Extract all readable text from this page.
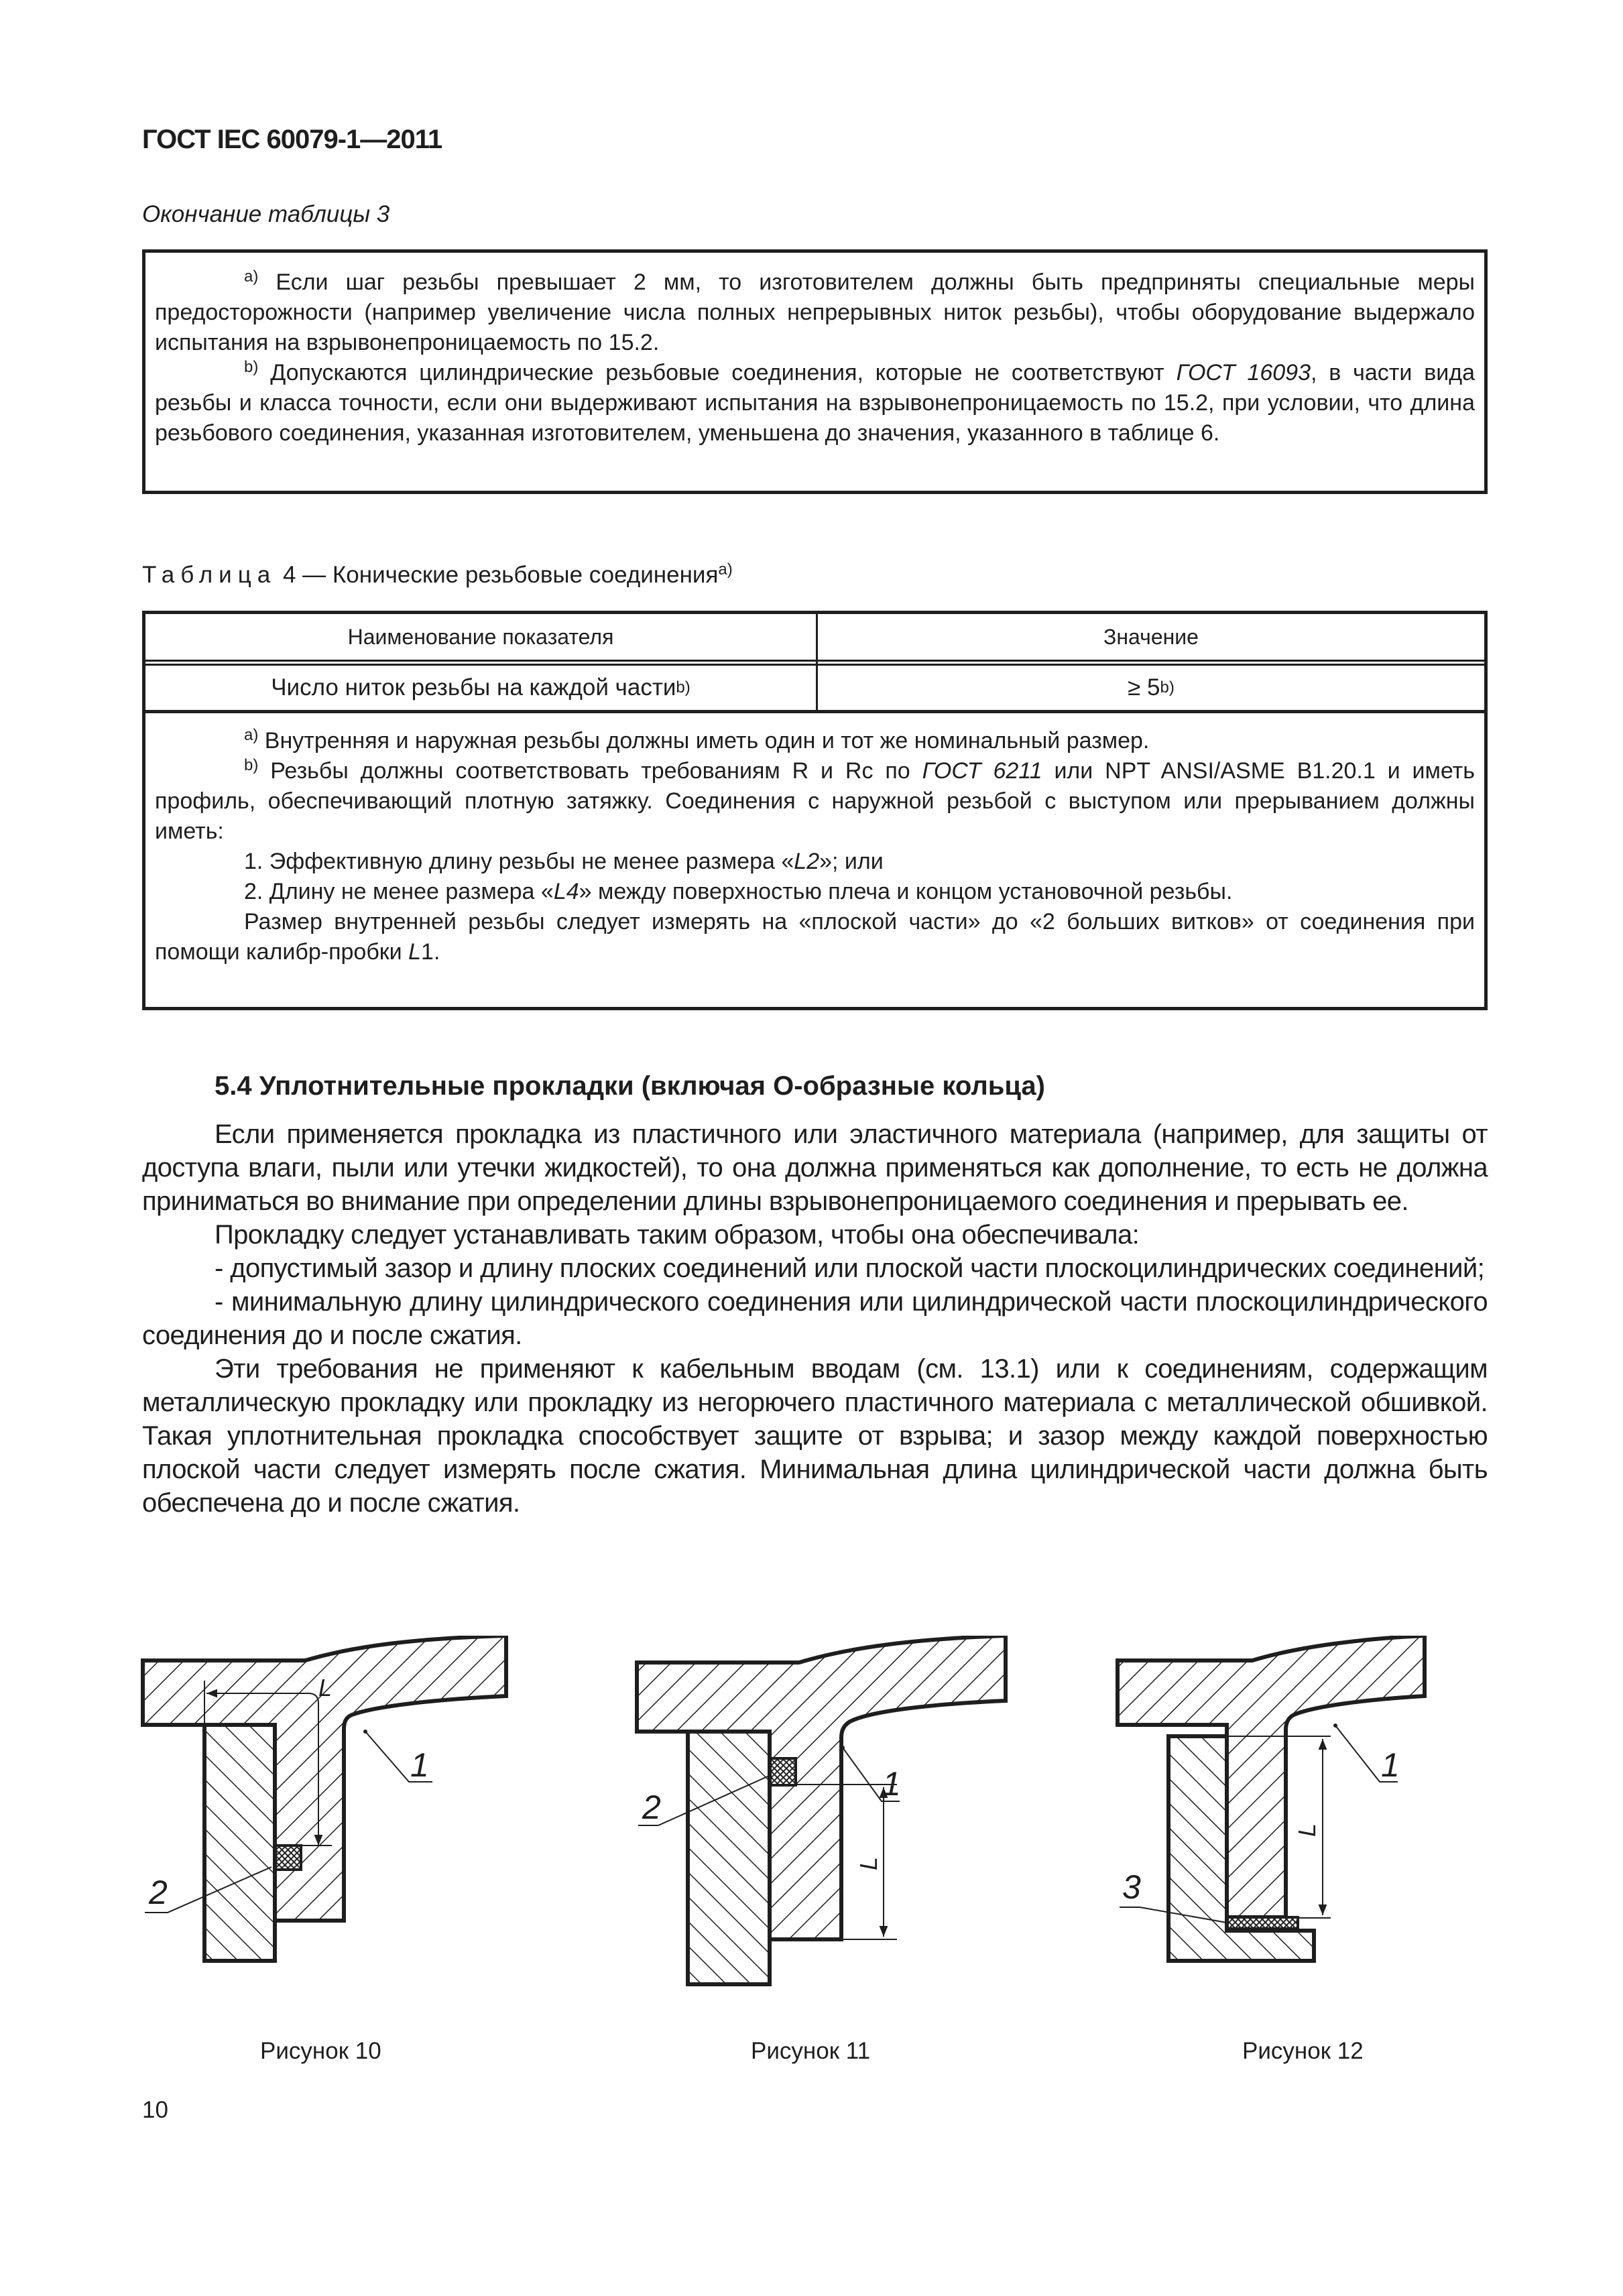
ГОСТ IEC 60079-1—2011
Окончание таблицы 3

$^{a)}$ Если шаг резьбы превышает 2 мм, то изготовителем должны быть предприняты специальные меры предосторожности (например увеличение числа полных непрерывных ниток резьбы), чтобы оборудование выдержало испытания на взрывонепроницаемость по 15.2.

$^{b)}$ Допускаются цилиндрические резьбовые соединения, которые не соответствуют ГОСТ 16093, в части вида резьбы и класса точности, если они выдерживают испытания на взрывонепроницаемость по 15.2, при условии, что длина резьбового соединения, указанная изготовителем, уменьшена до значения, указанного в таблице 6.

Таблица 4 — Конические резьбовые соединения$^{a)}$
Наименование показателя	Значение
Число ниток резьбы на каждой части b)	≥ 5 b)

$^{a)}$ Внутренняя и наружная резьбы должны иметь один и тот же номинальный размер.

$^{b)}$ Резьбы должны соответствовать требованиям R и Rc по ГОСТ 6211 или NPT ANSI/ASME B1.20.1 и иметь профиль, обеспечивающий плотную затяжку. Соединения с наружной резьбой с выступом или прерыванием должны иметь:

1. Эффективную длину резьбы не менее размера «L2»; или

2. Длину не менее размера «L4» между поверхностью плеча и концом установочной резьбы.

Размер внутренней резьбы следует измерять на «плоской части» до «2 больших витков» от соединения при помощи калибр-пробки L1.

5.4 Уплотнительные прокладки (включая О-образные кольца)

Если применяется прокладка из пластичного или эластичного материала (например, для защиты от доступа влаги, пыли или утечки жидкостей), то она должна применяться как дополнение, то есть не должна приниматься во внимание при определении длины взрывонепроницаемого соединения и прерывать ее.

Прокладку следует устанавливать таким образом, чтобы она обеспечивала:

- допустимый зазор и длину плоских соединений или плоской части плоскоцилиндрических соединений;

- минимальную длину цилиндрического соединения или цилиндрической части плоскоцилиндрического соединения до и после сжатия.

Эти требования не применяют к кабельным вводам (см. 13.1) или к соединениям, содержащим металлическую прокладку или прокладку из негорючего пластичного материала с металлической обшивкой. Такая уплотнительная прокладка способствует защите от взрыва; и зазор между каждой поверхностью плоской части следует измерять после сжатия. Минимальная длина цилиндрической части должна быть обеспечена до и после сжатия.

L
1
2
L
1
2
L
1
3
Рисунок 10	Рисунок 11	Рисунок 12
10
